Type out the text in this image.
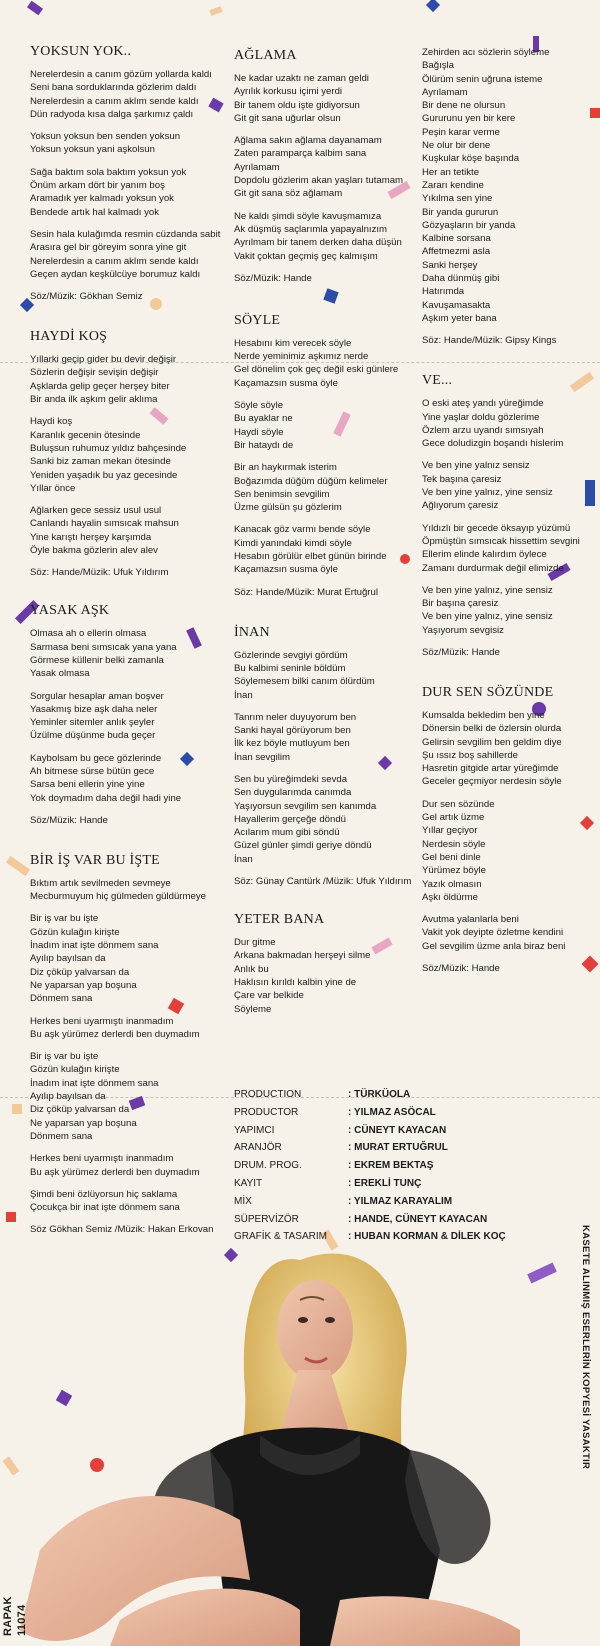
YOKSUN YOK..
Nerelerdesin a canım gözüm yollarda kaldı
Seni bana sorduklarında gözlerim daldı
Nerelerdesin a canım aklım sende kaldı
Dün radyoda kısa dalga şarkımız çaldı
Yoksun yoksun ben senden yoksun
Yoksun yoksun yani aşkolsun
Sağa baktım sola baktım yoksun yok
Önüm arkam dört bir yanım boş
Aramadık yer kalmadı yoksun yok
Bendede artık hal kalmadı yok
Sesin hala kulağımda resmin cüzdanda sabit
Arasıra gel bir göreyim sonra yine git
Nerelerdesin a canım aklım sende kaldı
Geçen aydan keşkülcüye borumuz kaldı
Söz/Müzik: Gökhan Semiz
HAYDİ KOŞ
Yıllarki geçip gider bu devir değişir
Sözlerin değişir sevişin değişir
Aşklarda gelip geçer herşey biter
Bir anda ilk aşkım gelir aklıma
Haydi koş
Karanlık gecenin ötesinde
Buluşsun ruhumuz yıldız bahçesinde
Sanki biz zaman mekan ötesinde
Yeniden yaşadık bu yaz gecesinde
Yıllar önce
Ağlarken gece sessiz usul usul
Canlandı hayalin sımsıcak mahsun
Yine karıştı herşey karşımda
Öyle bakma gözlerin alev alev
Söz: Hande/Müzik: Ufuk Yıldırım
YASAK AŞK
Olmasa ah o ellerin olmasa
Sarmasa beni sımsıcak yana yana
Görmese küllenir belki zamanla
Yasak olmasa
Sorgular hesaplar aman boşver
Yasakmış bize aşk daha neler
Yeminler sitemler anlık şeyler
Üzülme düşünme buda geçer
Kaybolsam bu gece gözlerinde
Ah bitmese sürse bütün gece
Sarsa beni ellerin yine yine
Yok doymadım daha değil hadi yine
Söz/Müzik: Hande
BİR İŞ VAR BU İŞTE
Bıktım artık sevilmeden sevmeye
Mecburmuyum hiç gülmeden güldürmeye
Bir iş var bu işte
Gözün kulağın kirişte
İnadım inat işte dönmem sana
Ayılıp bayılsan da
Diz çöküp yalvarsan da
Ne yaparsan yap boşuna
Dönmem sana
Herkes beni uyarmıştı inanmadım
Bu aşk yürümez derlerdi ben duymadım
Bir iş var bu işte
Gözün kulağın kirişte
İnadım inat işte dönmem sana
Ayılıp bayılsan da
Diz çöküp yalvarsan da
Ne yaparsan yap boşuna
Dönmem sana
Herkes beni uyarmıştı inanmadım
Bu aşk yürümez derlerdi ben duymadım
Şimdi beni özlüyorsun hiç saklama
Çocukça bir inat işte dönmem sana
Söz Gökhan Semiz /Müzik: Hakan Erkovan
AĞLAMA
Ne kadar uzaktı ne zaman geldi
Ayrılık korkusu içimi yerdi
Bir tanem oldu işte gidiyorsun
Git git sana uğurlar olsun
Ağlama sakın ağlama dayanamam
Zaten paramparça kalbim sana
Ayrılamam
Dopdolu gözlerim akan yaşları tutamam
Git git sana söz ağlamam
Ne kaldı şimdi söyle kavuşmamıza
Ak düşmüş saçlarımla yapayalnızım
Ayrılmam bir tanem derken daha düşün
Vakit çoktan geçmiş geç kalmışım
Söz/Müzik: Hande
SÖYLE
Hesabını kim verecek söyle
Nerde yeminimiz aşkımız nerde
Gel dönelim çok geç değil eski günlere
Kaçamazsın susma öyle
Söyle söyle
Bu ayaklar ne
Haydi söyle
Bir hataydı de
Bir an haykırmak isterim
Boğazımda düğüm düğüm kelimeler
Sen benimsin sevgilim
Üzme gülsün şu gözlerim
Kanacak göz varmı bende söyle
Kimdi yanındaki kimdi söyle
Hesabın görülür elbet günün birinde
Kaçamazsın susma öyle
Söz: Hande/Müzik: Murat Ertuğrul
İNAN
Gözlerinde sevgiyi gördüm
Bu kalbimi seninle böldüm
Söylemesem bilki canım ölürdüm
İnan
Tanrım neler duyuyorum ben
Sanki hayal görüyorum ben
İlk kez böyle mutluyum ben
İnan sevgilim
Sen bu yüreğimdeki sevda
Sen duygularımda canımda
Yaşıyorsun sevgilim sen kanımda
Hayallerim gerçeğe döndü
Acılarım mum gibi söndü
Güzel günler şimdi geriye döndü
İnan
Söz: Günay Cantürk /Müzik: Ufuk Yıldırım
YETER BANA
Dur gitme
Arkana bakmadan herşeyi silme
Anlık bu
Haklısın kırıldı kalbin yine de
Çare var belkide
Söyleme
Zehirden acı sözlerin söyleme
Bağışla
Ölürüm senin uğruna isteme
Ayrılamam
Bir dene ne olursun
Gururunu yen bir kere
Peşin karar verme
Ne olur bir dene
Kuşkular köşe başında
Her an tetikte
Zararı kendine
Yıkılma sen yine
Bir yanda gururun
Gözyaşların bir yanda
Kalbine sorsana
Affetmezmi asla
Sanki herşey
Daha dünmüş gibi
Hatırımda
Kavuşamasakta
Aşkım yeter bana
Söz: Hande/Müzik: Gipsy Kings
VE...
O eski ateş yandı yüreğimde
Yine yaşlar doldu gözlerime
Özlem arzu uyandı sımsıyah
Gece doludizgin boşandı hislerim
Ve ben yine yalnız sensiz
Tek başına çaresiz
Ve ben yine yalnız, yine sensiz
Ağlıyorum çaresiz
Yıldızlı bir gecede öksayıp yüzümü
Öpmüştün sımsıcak hissettim sevgini
Ellerim elinde kalırdım öylece
Zamanı durdurmak değil elimizde
Ve ben yine yalnız, yine sensiz
Bir başına çaresiz
Ve ben yine yalnız, yine sensiz
Yaşıyorum sevgisiz
Söz/Müzik: Hande
DUR SEN SÖZÜNDE
Kumsalda bekledim ben yine
Dönersin belki de özlersin olurda
Gelirsin sevgilim ben geldim diye
Şu ıssız boş sahillerde
Hasretin gitgide artar yüreğimde
Geceler geçmiyor nerdesin söyle
Dur sen sözünde
Gel artık üzme
Yıllar geçiyor
Nerdesin söyle
Gel beni dinle
Yürümez böyle
Yazık olmasın
Aşkı öldürme
Avutma yalanlarla beni
Vakit yok deyipte özletme kendini
Gel sevgilim üzme anla biraz beni
Söz/Müzik: Hande
PRODUCTION	: TÜRKÜOLA
PRODUCTOR	: YILMAZ ASÖCAL
YAPIMCI	: CÜNEYT KAYACAN
ARANJÖR	: MURAT ERTUĞRUL
DRUM. PROG.	: EKREM BEKTAŞ
KAYIT	: EREKLİ TUNÇ
MİX	: YILMAZ KARAYALIM
SÜPERVİZÖR	: HANDE, CÜNEYT KAYACAN
GRAFİK & TASARIM	: HUBAN KORMAN & DİLEK KOÇ	KASETE ALINMIŞ ESERLERİN KOPYESİ YASAKTIR
11074
RAPAK
